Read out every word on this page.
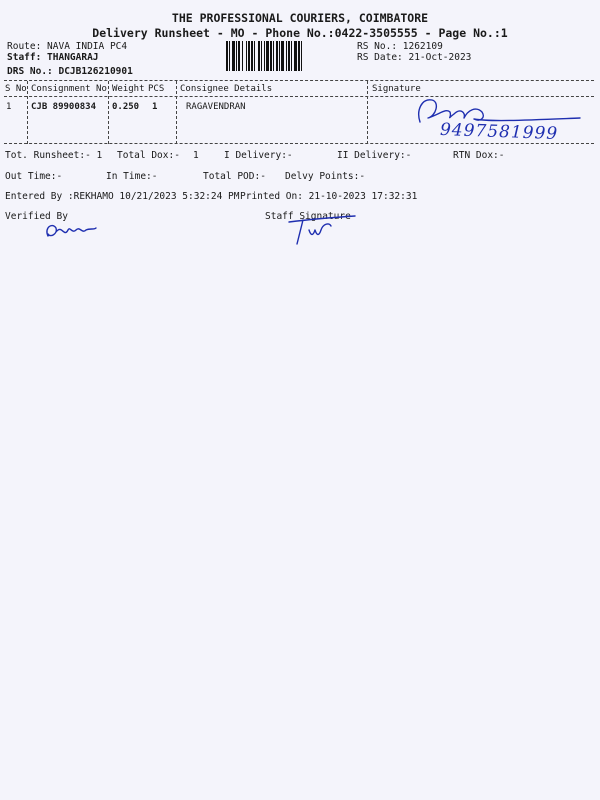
THE PROFESSIONAL COURIERS, COIMBATORE
Delivery Runsheet - MO - Phone No.:0422-3505555 - Page No.:1
Route: NAVA INDIA PC4
Staff: THANGARAJ
DRS No.: DCJB126210901
RS No.: 1262109
RS Date: 21-Oct-2023
S No Consignment No Weight PCS Consignee Details	Signature
1 CJB 89900834 0.250 1	RAGAVENDRAN
9497581999
Tot. Runsheet:- 1 Total Dox:- 1	I Delivery:-	II Delivery:-	RTN Dox:-
Out Time:-	In Time:-	Total POD:- Delvy Points:-
Entered By :REKHAMO 10/21/2023 5:32:24 PM Printed On: 21-10-2023 17:32:31
Verified By	Staff Signature
